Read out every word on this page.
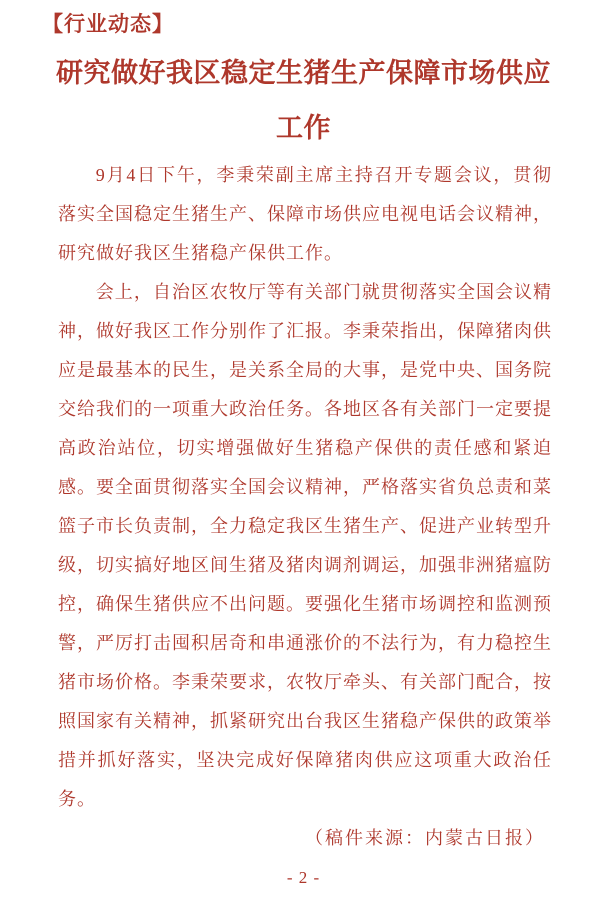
【行业动态】
研究做好我区稳定生猪生产保障市场供应
工作

9月4日下午，李秉荣副主席主持召开专题会议，贯彻落实全国稳定生猪生产、保障市场供应电视电话会议精神，研究做好我区生猪稳产保供工作。

会上，自治区农牧厅等有关部门就贯彻落实全国会议精神，做好我区工作分别作了汇报。李秉荣指出，保障猪肉供应是最基本的民生，是关系全局的大事，是党中央、国务院交给我们的一项重大政治任务。各地区各有关部门一定要提高政治站位，切实增强做好生猪稳产保供的责任感和紧迫感。要全面贯彻落实全国会议精神，严格落实省负总责和菜篮子市长负责制，全力稳定我区生猪生产、促进产业转型升级，切实搞好地区间生猪及猪肉调剂调运，加强非洲猪瘟防控，确保生猪供应不出问题。要强化生猪市场调控和监测预警，严厉打击囤积居奇和串通涨价的不法行为，有力稳控生猪市场价格。李秉荣要求，农牧厅牵头、有关部门配合，按照国家有关精神，抓紧研究出台我区生猪稳产保供的政策举措并抓好落实，坚决完成好保障猪肉供应这项重大政治任务。

（稿件来源：内蒙古日报）
- 2 -
